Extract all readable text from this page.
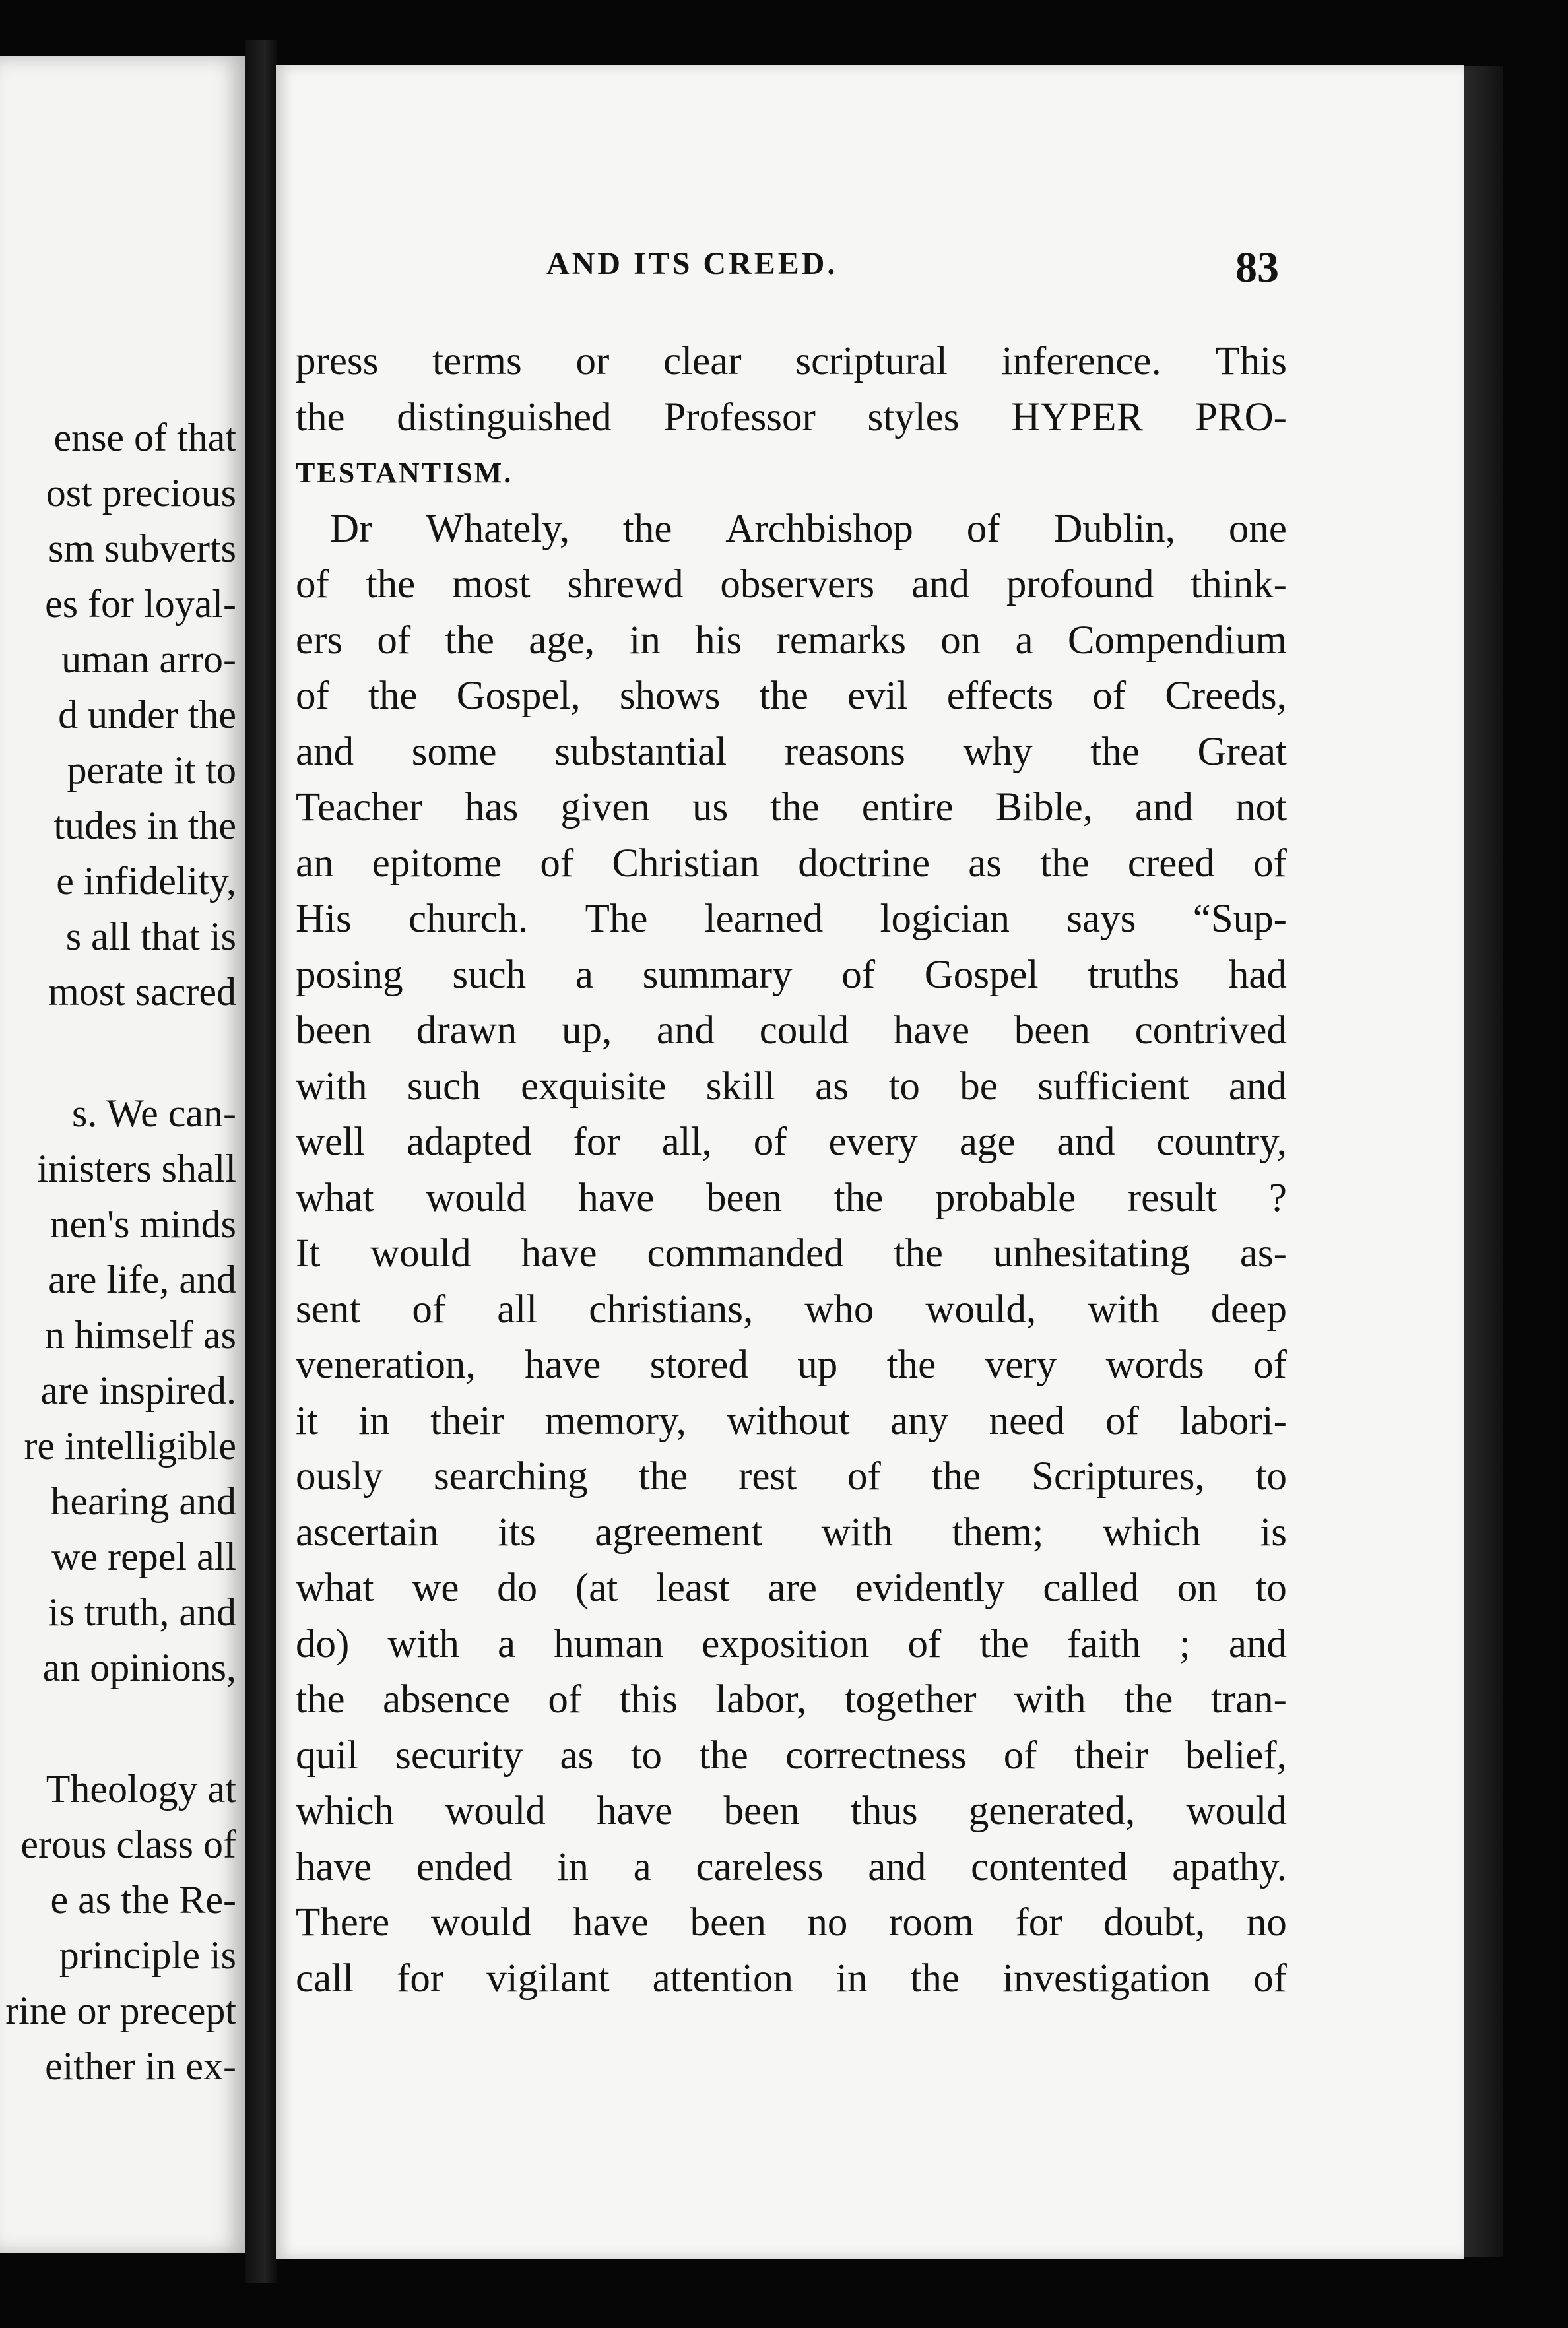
ense of that
ost precious
sm subverts
es for loyal-
uman arro-
d under the
perate it to
tudes in the
e infidelity,
s all that is
most sacred
s. We can-
inisters shall
nen's minds
are life, and
n himself as
are inspired.
re intelligible
hearing and
we repel all
is truth, and
an opinions,
Theology at
erous class of
e as the Re-
principle is
rine or precept
either in ex-
AND ITS CREED.	83
press terms or clear scriptural inference. This
the distinguished Professor styles HYPER PRO-
TESTANTISM.
Dr Whately, the Archbishop of Dublin, one
of the most shrewd observers and profound think-
ers of the age, in his remarks on a Compendium
of the Gospel, shows the evil effects of Creeds,
and some substantial reasons why the Great
Teacher has given us the entire Bible, and not
an epitome of Christian doctrine as the creed of
His church. The learned logician says “Sup-
posing such a summary of Gospel truths had
been drawn up, and could have been contrived
with such exquisite skill as to be sufficient and
well adapted for all, of every age and country,
what would have been the probable result ?
It would have commanded the unhesitating as-
sent of all christians, who would, with deep
veneration, have stored up the very words of
it in their memory, without any need of labori-
ously searching the rest of the Scriptures, to
ascertain its agreement with them; which is
what we do (at least are evidently called on to
do) with a human exposition of the faith ; and
the absence of this labor, together with the tran-
quil security as to the correctness of their belief,
which would have been thus generated, would
have ended in a careless and contented apathy.
There would have been no room for doubt, no
call for vigilant attention in the investigation of
